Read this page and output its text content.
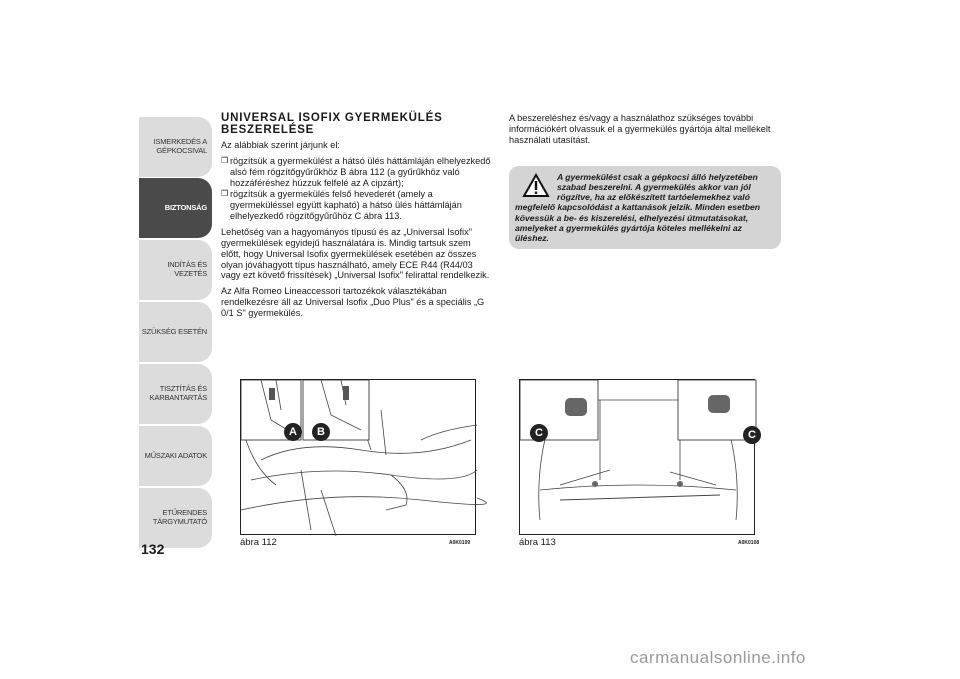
ISMERKEDÉS A GÉPKOCSIVAL
BIZTONSÁG
INDÍTÁS ÉS VEZETÉS
SZÜKSÉG ESETÉN
TISZTÍTÁS ÉS KARBANTARTÁS
MŰSZAKI ADATOK
ETŰRENDES TÁRGYMUTATÓ
132
UNIVERSAL ISOFIX GYERMEKÜLÉS
BESZERELÉSE

Az alábbiak szerint járjunk el:

❒ rögzítsük a gyermekülést a hátsó ülés háttámláján elhelyezkedő alsó fém rögzítőgyűrűkhöz B ábra 112 (a gyűrűkhöz való hozzáféréshez húzzuk felfelé az A cipzárt);
❒ rögzítsük a gyermekülés felső hevederét (amely a gyermeküléssel együtt kapható) a hátsó ülés háttámláján elhelyezkedő rögzítőgyűrűhöz C ábra 113.

Lehetőség van a hagyományos típusú és az „Universal Isofix" gyermekülések egyidejű használatára is. Mindig tartsuk szem előtt, hogy Universal Isofix gyermekülések esetében az összes olyan jóváhagyott típus használható, amely ECE R44 (R44/03 vagy ezt követő frissítések) „Universal Isofix" felirattal rendelkezik.

Az Alfa Romeo Lineaccessori tartozékok választékában rendelkezésre áll az Universal Isofix „Duo Plus" és a speciális „G 0/1 S" gyermekülés.

A beszereléshez és/vagy a használathoz szükséges további információkért olvassuk el a gyermekülés gyártója által mellékelt használati utasítást.

A gyermekülést csak a gépkocsi álló helyzetében szabad beszerelni. A gyermekülés akkor van jól rögzítve, ha az előkészített tartóelemekhez való
megfelelő kapcsolódást a kattanások jelzik. Minden esetben kövessük a be- és kiszerelési, elhelyezési útmutatásokat, amelyeket a gyermekülés gyártója köteles mellékelni az üléshez.
A	B
ábra 112	A0K0109
C	C
ábra 113	A0K0108
carmanualsonline.info
